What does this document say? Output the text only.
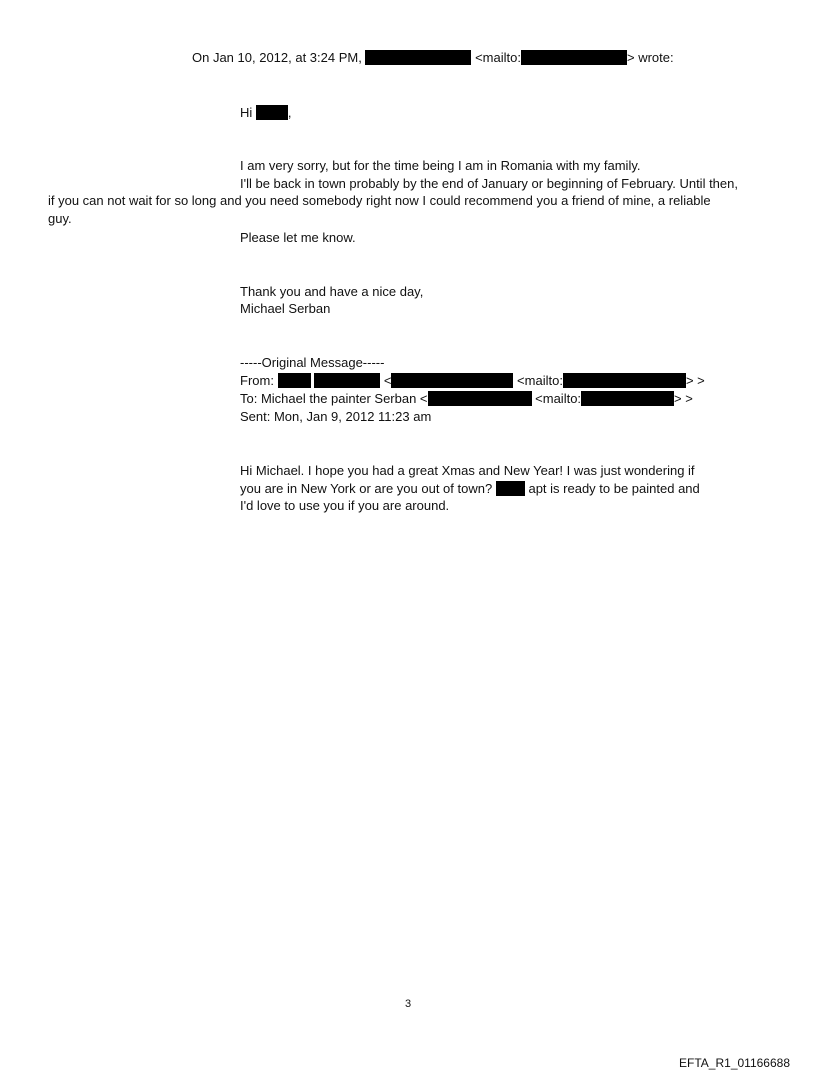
On Jan 10, 2012, at 3:24 PM,	<mailto:	> wrote:
Hi	,
I am very sorry, but for the time being I am in Romania with my family.
I'll be back in town probably by the end of January or beginning of February. Until then,
if you can not wait for so long and you need somebody right now I could recommend you a friend of mine, a reliable
guy.
Please let me know.
Thank you and have a nice day,
Michael Serban
-----Original Message-----
From:	<	<mailto:	> >
To: Michael the painter Serban <	<mailto:	> >
Sent: Mon, Jan 9, 2012 11:23 am
Hi Michael. I hope you had a great Xmas and New Year! I was just wondering if
you are in New York or are you out of town?	apt is ready to be painted and
I'd love to use you if you are around.
3
EFTA_R1_01166688
